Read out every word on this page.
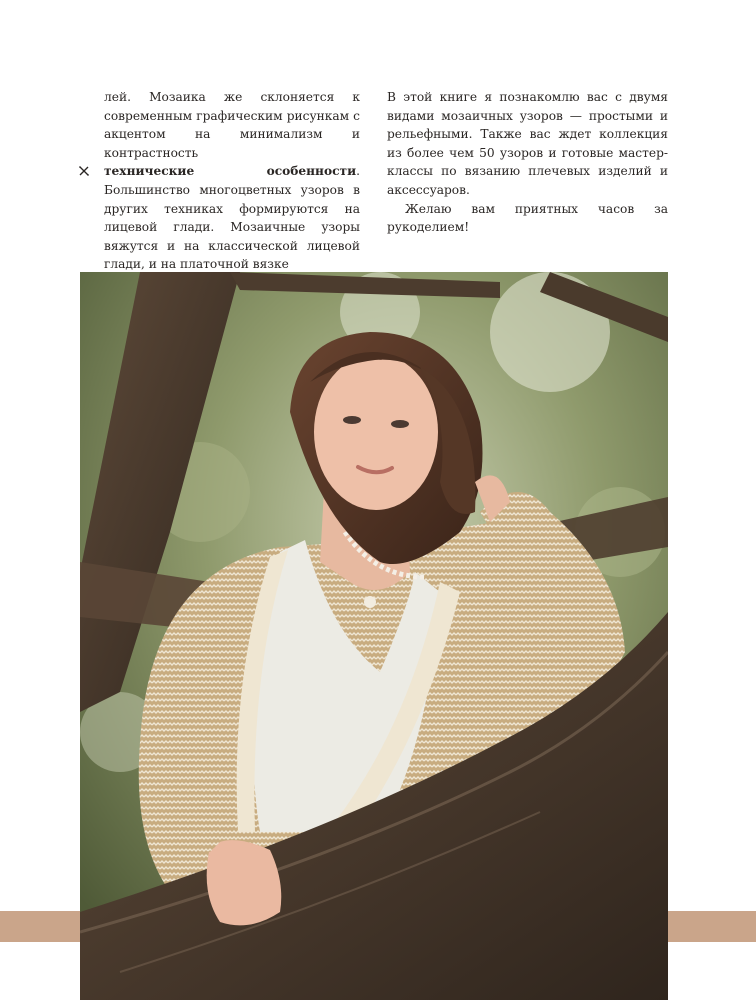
лей. Мозаика же склоняется к современным графическим рисункам с акцентом на минимализм и контрастность

технические особенности. Большинство многоцветных узоров в других техниках формируются на лицевой глади. Мозаичные узоры вяжутся и на классической лицевой глади, и на платочной вязке

В этой книге я познакомлю вас с двумя видами мозаичных узоров — простыми и рельефными. Также вас ждет коллекция из более чем 50 узоров и готовые мастер-классы по вязанию плечевых изделий и аксессуаров.

Желаю вам приятных часов за рукоделием!
